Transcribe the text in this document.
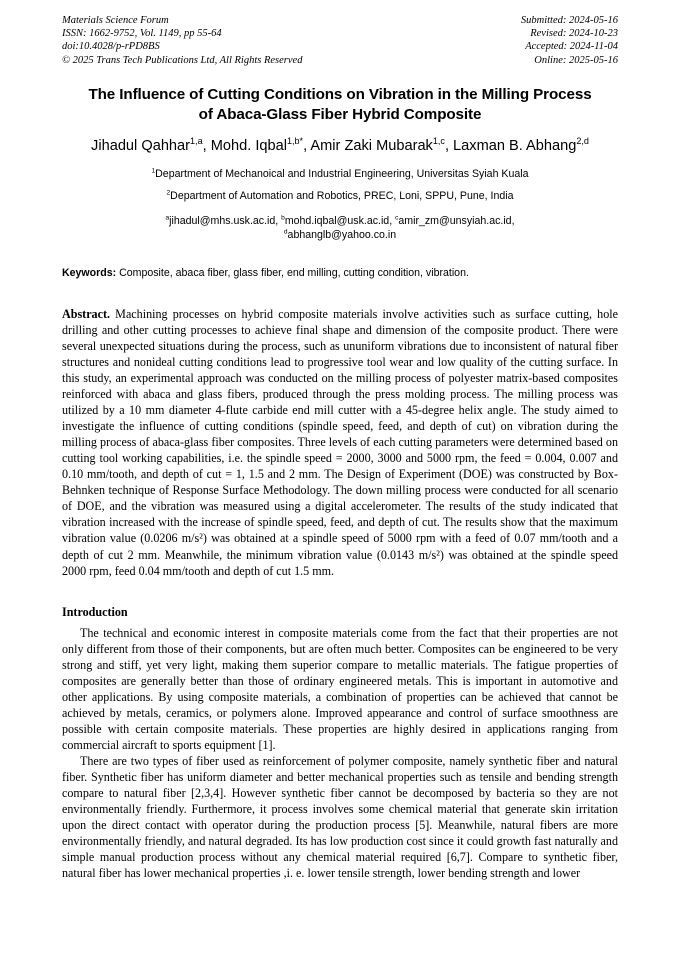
Materials Science Forum
ISSN: 1662-9752, Vol. 1149, pp 55-64
doi:10.4028/p-rPD8BS
© 2025 Trans Tech Publications Ltd, All Rights Reserved
Submitted: 2024-05-16
Revised: 2024-10-23
Accepted: 2024-11-04
Online: 2025-05-16
The Influence of Cutting Conditions on Vibration in the Milling Process
of Abaca-Glass Fiber Hybrid Composite
Jihadul Qahhar$^{1,a}$, Mohd. Iqbal$^{1,b*}$, Amir Zaki Mubarak$^{1,c}$, Laxman B. Abhang$^{2,d}$
$^1$Department of Mechanoical and Industrial Engineering, Universitas Syiah Kuala
$^2$Department of Automation and Robotics, PREC, Loni, SPPU, Pune, India
$^a$jihadul@mhs.usk.ac.id, $^b$mohd.iqbal@usk.ac.id, $^c$amir_zm@unsyiah.ac.id,
$^d$abhanglb@yahoo.co.in
Keywords: Composite, abaca fiber, glass fiber, end milling, cutting condition, vibration.
Abstract. Machining processes on hybrid composite materials involve activities such as surface cutting, hole drilling and other cutting processes to achieve final shape and dimension of the composite product. There were several unexpected situations during the process, such as ununiform vibrations due to inconsistent of natural fiber structures and nonideal cutting conditions lead to progressive tool wear and low quality of the cutting surface. In this study, an experimental approach was conducted on the milling process of polyester matrix-based composites reinforced with abaca and glass fibers, produced through the press molding process. The milling process was utilized by a 10 mm diameter 4-flute carbide end mill cutter with a 45-degree helix angle. The study aimed to investigate the influence of cutting conditions (spindle speed, feed, and depth of cut) on vibration during the milling process of abaca-glass fiber composites. Three levels of each cutting parameters were determined based on cutting tool working capabilities, i.e. the spindle speed = 2000, 3000 and 5000 rpm, the feed = 0.004, 0.007 and 0.10 mm/tooth, and depth of cut = 1, 1.5 and 2 mm. The Design of Experiment (DOE) was constructed by Box-Behnken technique of Response Surface Methodology. The down milling process were conducted for all scenario of DOE, and the vibration was measured using a digital accelerometer. The results of the study indicated that vibration increased with the increase of spindle speed, feed, and depth of cut. The results show that the maximum vibration value (0.0206 m/s²) was obtained at a spindle speed of 5000 rpm with a feed of 0.07 mm/tooth and a depth of cut 2 mm. Meanwhile, the minimum vibration value (0.0143 m/s²) was obtained at the spindle speed 2000 rpm, feed 0.04 mm/tooth and depth of cut 1.5 mm.
Introduction
The technical and economic interest in composite materials come from the fact that their properties are not only different from those of their components, but are often much better. Composites can be engineered to be very strong and stiff, yet very light, making them superior compare to metallic materials. The fatigue properties of composites are generally better than those of ordinary engineered metals. This is important in automotive and other applications. By using composite materials, a combination of properties can be achieved that cannot be achieved by metals, ceramics, or polymers alone. Improved appearance and control of surface smoothness are possible with certain composite materials. These properties are highly desired in applications ranging from commercial aircraft to sports equipment [1].
There are two types of fiber used as reinforcement of polymer composite, namely synthetic fiber and natural fiber. Synthetic fiber has uniform diameter and better mechanical properties such as tensile and bending strength compare to natural fiber [2,3,4]. However synthetic fiber cannot be decomposed by bacteria so they are not environmentally friendly. Furthermore, it process involves some chemical material that generate skin irritation upon the direct contact with operator during the production process [5]. Meanwhile, natural fibers are more environmentally friendly, and natural degraded. Its has low production cost since it could growth fast naturally and simple manual production process without any chemical material required [6,7]. Compare to synthetic fiber, natural fiber has lower mechanical properties ,i. e. lower tensile strength, lower bending strength and lower
